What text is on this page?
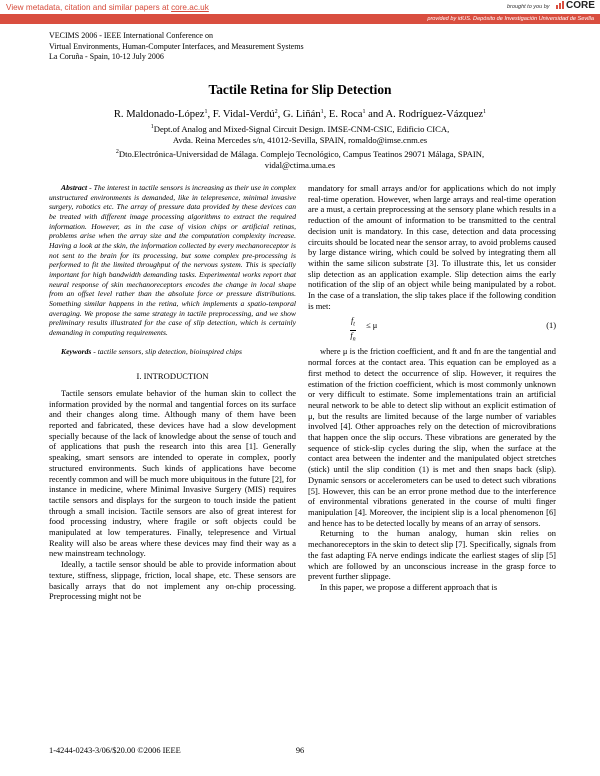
View metadata, citation and similar papers at core.ac.uk	brought to you by	CORE
provided by idUS. Depósito de Investigación Universidad de Sevilla
VECIMS 2006 - IEEE International Conference on
Virtual Environments, Human-Computer Interfaces, and Measurement Systems
La Coruña - Spain, 10-12 July 2006
Tactile Retina for Slip Detection
R. Maldonado-López$^1$, F. Vidal-Verdú$^2$, G. Liñán$^1$, E. Roca$^1$ and A. Rodríguez-Vázquez$^1$
$^1$Dept.of Analog and Mixed-Signal Circuit Design. IMSE-CNM-CSIC, Edificio CICA,
Avda. Reina Mercedes s/n, 41012-Sevilla, SPAIN, romaldo@imse.cnm.es
$^2$Dto.Electrónica-Universidad de Málaga. Complejo Tecnológico, Campus Teatinos 29071 Málaga, SPAIN,
vidal@ctima.uma.es

Abstract - The interest in tactile sensors is increasing as their use in complex unstructured environments is demanded, like in telepresence, minimal invasive surgery, robotics etc. The array of pressure data provided by these devices can be treated with different image processing algorithms to extract the required information. However, as in the case of vision chips or artificial retinas, problems arise when the array size and the computation complexity increase. Having a look at the skin, the information collected by every mechanoreceptor is not sent to the brain for its processing, but some complex pre-processing is performed to fit the limited throughput of the nervous system. This is specially important for high bandwidth demanding tasks. Experimental works report that neural response of skin mechanoreceptors encodes the change in local shape from an offset level rather than the absolute force or pressure distributions. Something similar happens in the retina, which implements a spatio-temporal averaging. We propose the same strategy in tactile preprocessing, and we show preliminary results illustrated for the case of slip detection, which is certainly demanding in computing requirements.

Keywords - tactile sensors, slip detection, bioinspired chips

I. INTRODUCTION

Tactile sensors emulate behavior of the human skin to collect the information provided by the normal and tangential forces on its surface and their changes along time. Although many of them have been reported and fabricated, these devices have had a slow development specially because of the lack of knowledge about the sense of touch and of applications that push the research into this area [1]. Generally speaking, smart sensors are intended to operate in complex, poorly structured environments. Such kinds of applications have become recently common and will be much more ubiquitous in the future [2], for instance in medicine, where Minimal Invasive Surgery (MIS) requires tactile sensors and displays for the surgeon to touch inside the patient through a small incision. Tactile sensors are also of great interest for food processing industry, where fragile or soft objects could be manipulated at low temperatures. Finally, telepresence and Virtual Reality will also be areas where these devices may find their way as a new mainstream technology.

Ideally, a tactile sensor should be able to provide information about texture, stiffness, slippage, friction, local shape, etc. These sensors are basically arrays that do not implement any on-chip processing. Preprocessing might not be

mandatory for small arrays and/or for applications which do not imply real-time operation. However, when large arrays and real-time operation are a must, a certain preprocessing at the sensory plane which results in a reduction of the amount of information to be transmitted to the central decision unit is mandatory. In this case, detection and data processing circuits should be located near the sensor array, to avoid problems caused by large distance wiring, which could be solved by integrating them all within the same silicon substrate [3]. To illustrate this, let us consider slip detection as an application example. Slip detection aims the early notification of the slip of an object while being manipulated by a robot. In the case of a translation, the slip takes place if the following condition is met:

$\frac{f_t}{f_n} \le \mu$	(1)

where μ is the friction coefficient, and ft and fn are the tangential and normal forces at the contact area. This equation can be employed as a first method to detect the occurrence of slip. However, it requires the estimation of the friction coefficient, which is most commonly unknown or very difficult to estimate. Some implementations train an artificial neural network to be able to detect slip without an explicit estimation of μ, but the results are limited because of the large number of variables involved [4]. Other approaches rely on the detection of microvibrations that happen once the slip occurs. These vibrations are generated by the sequence of stick-slip cycles during the slip, when the surface at the contact area between the indenter and the manipulated object stretches (stick) until the slip condition (1) is met and then snaps back (slip). Dynamic sensors or accelerometers can be used to detect such vibrations [5]. However, this can be an error prone method due to the interference of environmental vibrations generated in the course of multi finger manipulation [4]. Moreover, the incipient slip is a local phenomenon [6] and hence has to be detected locally by means of an array of sensors.

Returning to the human analogy, human skin relies on mechanoreceptors in the skin to detect slip [7]. Specifically, signals from the fast adapting FA nerve endings indicate the earliest stages of slip [5] which are followed by an unconscious increase in the grasp force to prevent further slippage.

In this paper, we propose a different approach that is

1-4244-0243-3/06/$20.00 ©2006 IEEE	96
